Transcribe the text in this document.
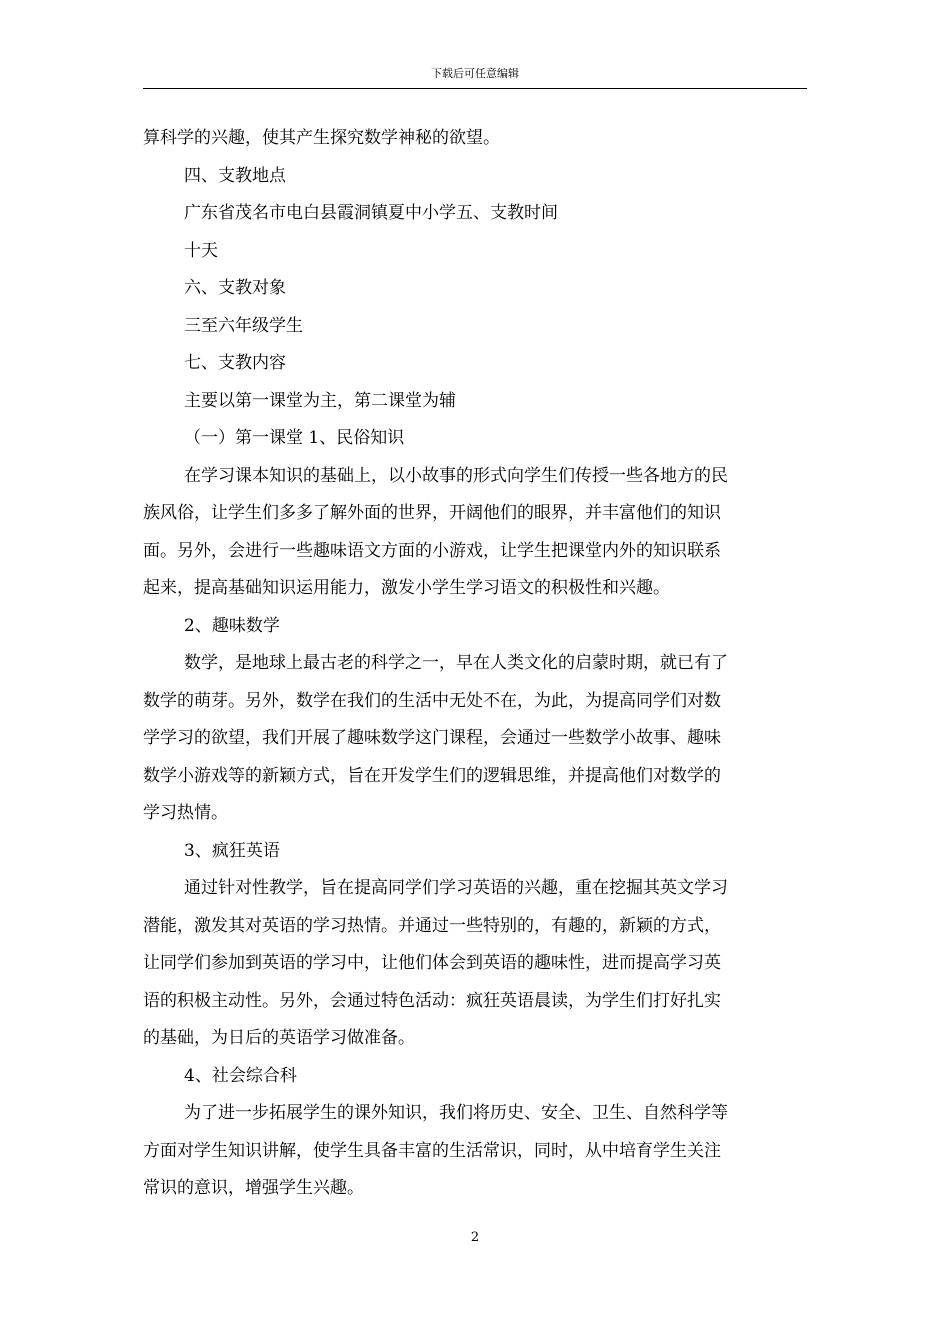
下载后可任意编辑

算科学的兴趣，使其产生探究数学神秘的欲望。

四、支教地点

广东省茂名市电白县霞洞镇夏中小学五、支教时间

十天

六、支教对象

三至六年级学生

七、支教内容

主要以第一课堂为主，第二课堂为辅

（一）第一课堂 1、民俗知识

在学习课本知识的基础上，以小故事的形式向学生们传授一些各地方的民

族风俗，让学生们多多了解外面的世界，开阔他们的眼界，并丰富他们的知识

面。另外，会进行一些趣味语文方面的小游戏，让学生把课堂内外的知识联系

起来，提高基础知识运用能力，激发小学生学习语文的积极性和兴趣。

2、趣味数学

数学，是地球上最古老的科学之一，早在人类文化的启蒙时期，就已有了

数学的萌芽。另外，数学在我们的生活中无处不在，为此，为提高同学们对数

学学习的欲望，我们开展了趣味数学这门课程，会通过一些数学小故事、趣味

数学小游戏等的新颖方式，旨在开发学生们的逻辑思维，并提高他们对数学的

学习热情。

3、疯狂英语

通过针对性教学，旨在提高同学们学习英语的兴趣，重在挖掘其英文学习

潜能，激发其对英语的学习热情。并通过一些特别的，有趣的，新颖的方式，

让同学们参加到英语的学习中，让他们体会到英语的趣味性，进而提高学习英

语的积极主动性。另外，会通过特色活动：疯狂英语晨读，为学生们打好扎实

的基础，为日后的英语学习做准备。

4、社会综合科

为了进一步拓展学生的课外知识，我们将历史、安全、卫生、自然科学等

方面对学生知识讲解，使学生具备丰富的生活常识，同时，从中培育学生关注

常识的意识，增强学生兴趣。

2
